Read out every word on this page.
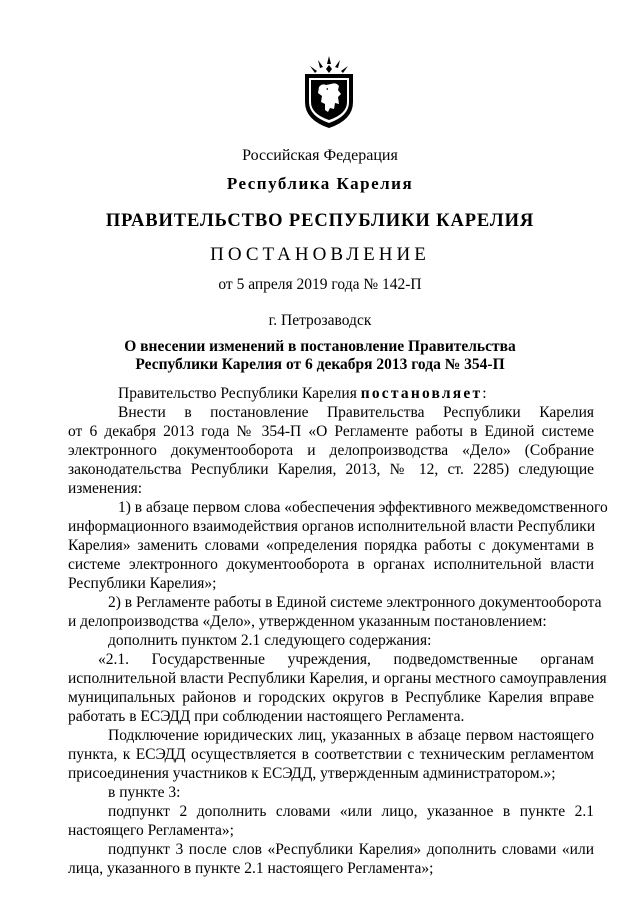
Российская Федерация
Республика Карелия
ПРАВИТЕЛЬСТВО РЕСПУБЛИКИ КАРЕЛИЯ
ПОСТАНОВЛЕНИЕ
от 5 апреля 2019 года № 142-П
г. Петрозаводск
О внесении изменений в постановление Правительства
Республики Карелия от 6 декабря 2013 года № 354-П
Правительство Республики Карелия постановляет:
Внести в постановление Правительства Республики Карелия
от 6 декабря 2013 года № 354-П «О Регламенте работы в Единой системе
электронного документооборота и делопроизводства «Дело» (Собрание
законодательства Республики Карелия, 2013, № 12, ст. 2285) следующие
изменения:
1) в абзаце первом слова «обеспечения эффективного межведомственного
информационного взаимодействия органов исполнительной власти Республики
Карелия» заменить словами «определения порядка работы с документами в
системе электронного документооборота в органах исполнительной власти
Республики Карелия»;
2) в Регламенте работы в Единой системе электронного документооборота
и делопроизводства «Дело», утвержденном указанным постановлением:
дополнить пунктом 2.1 следующего содержания:
«2.1. Государственные учреждения, подведомственные органам
исполнительной власти Республики Карелия, и органы местного самоуправления
муниципальных районов и городских округов в Республике Карелия вправе
работать в ЕСЭДД при соблюдении настоящего Регламента.
Подключение юридических лиц, указанных в абзаце первом настоящего
пункта, к ЕСЭДД осуществляется в соответствии с техническим регламентом
присоединения участников к ЕСЭДД, утвержденным администратором.»;
в пункте 3:
подпункт 2 дополнить словами «или лицо, указанное в пункте 2.1
настоящего Регламента»;
подпункт 3 после слов «Республики Карелия» дополнить словами «или
лица, указанного в пункте 2.1 настоящего Регламента»;
